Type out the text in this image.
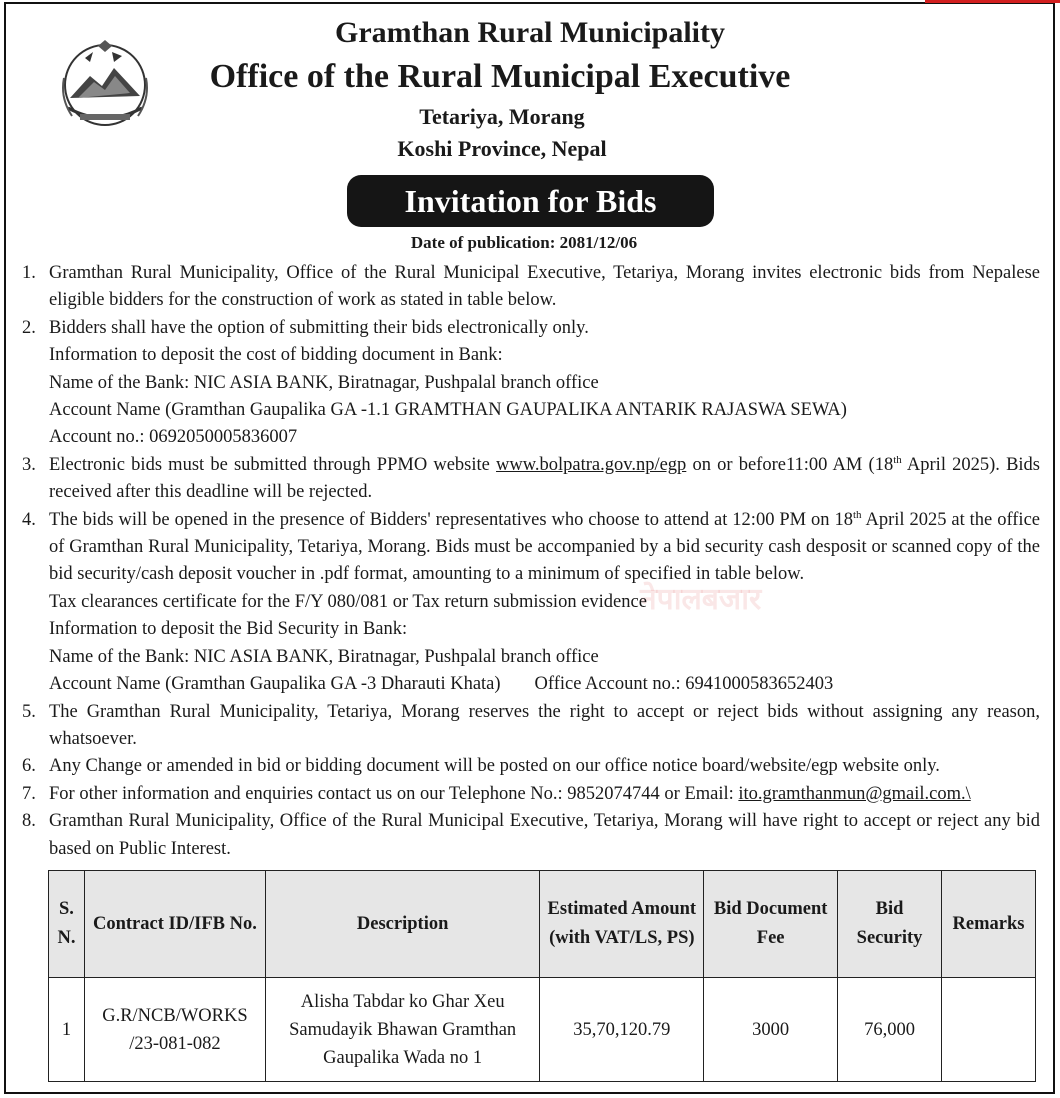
Gramthan Rural Municipality
Office of the Rural Municipal Executive
Tetariya, Morang
Koshi Province, Nepal
Invitation for Bids
Date of publication: 2081/12/06
नेपालबजार
1. Gramthan Rural Municipality, Office of the Rural Municipal Executive, Tetariya, Morang invites electronic bids from Nepalese eligible bidders for the construction of work as stated in table below.
2. Bidders shall have the option of submitting their bids electronically only.
Information to deposit the cost of bidding document in Bank:
Name of the Bank: NIC ASIA BANK, Biratnagar, Pushpalal branch office
Account Name (Gramthan Gaupalika GA -1.1 GRAMTHAN GAUPALIKA ANTARIK RAJASWA SEWA)
Account no.: 0692050005836007
3. Electronic bids must be submitted through PPMO website www.bolpatra.gov.np/egp on or before11:00 AM (18th April 2025). Bids received after this deadline will be rejected.
4. The bids will be opened in the presence of Bidders' representatives who choose to attend at 12:00 PM on 18th April 2025 at the office of Gramthan Rural Municipality, Tetariya, Morang. Bids must be accompanied by a bid security cash desposit or scanned copy of the bid security/cash deposit voucher in .pdf format, amounting to a minimum of specified in table below.
Tax clearances certificate for the F/Y 080/081 or Tax return submission evidence
Information to deposit the Bid Security in Bank:
Name of the Bank: NIC ASIA BANK, Biratnagar, Pushpalal branch office
Account Name (Gramthan Gaupalika GA -3 Dharauti Khata) Office Account no.: 6941000583652403
5. The Gramthan Rural Municipality, Tetariya, Morang reserves the right to accept or reject bids without assigning any reason, whatsoever.
6. Any Change or amended in bid or bidding document will be posted on our office notice board/website/egp website only.
7. For other information and enquiries contact us on our Telephone No.: 9852074744 or Email: ito.gramthanmun@gmail.com.\
8. Gramthan Rural Municipality, Office of the Rural Municipal Executive, Tetariya, Morang will have right to accept or reject any bid based on Public Interest.
S. N.	Contract ID/IFB No.	Description	Estimated Amount (with VAT/LS, PS)	Bid Document Fee	Bid Security	Remarks
1	G.R/NCB/WORKS /23-081-082	Alisha Tabdar ko Ghar Xeu Samudayik Bhawan Gramthan Gaupalika Wada no 1	35,70,120.79	3000	76,000	
